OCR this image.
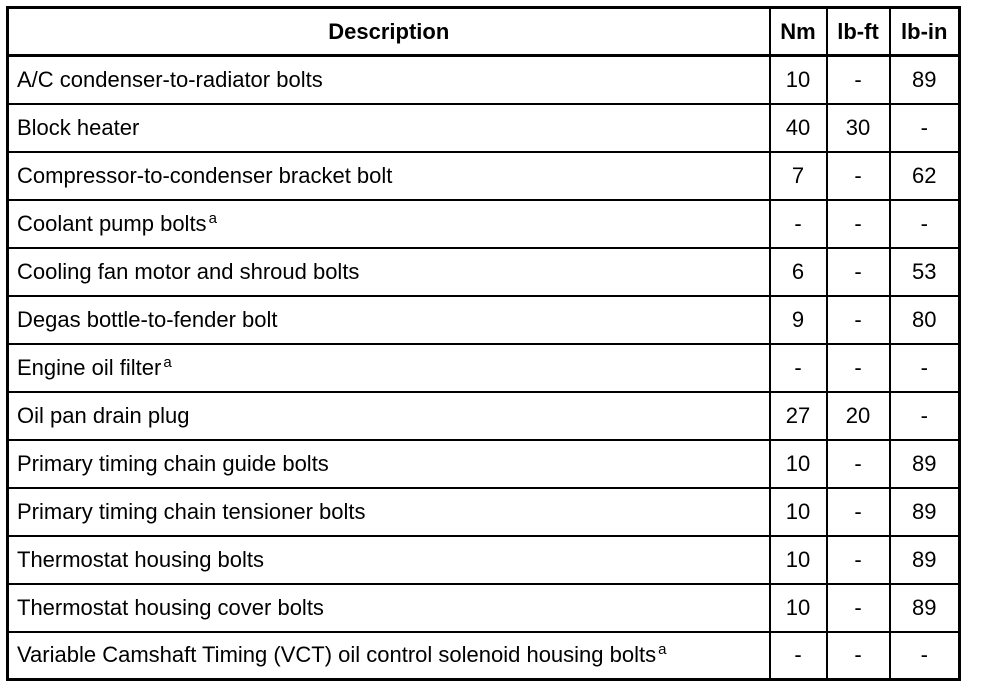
Description	Nm	lb-ft	lb-in
A/C condenser-to-radiator bolts	10	-	89
Block heater	40	30	-
Compressor-to-condenser bracket bolt	7	-	62
Coolant pump bolts $^a$	-	-	-
Cooling fan motor and shroud bolts	6	-	53
Degas bottle-to-fender bolt	9	-	80
Engine oil filter $^a$	-	-	-
Oil pan drain plug	27	20	-
Primary timing chain guide bolts	10	-	89
Primary timing chain tensioner bolts	10	-	89
Thermostat housing bolts	10	-	89
Thermostat housing cover bolts	10	-	89
Variable Camshaft Timing (VCT) oil control solenoid housing bolts $^a$	-	-	-
